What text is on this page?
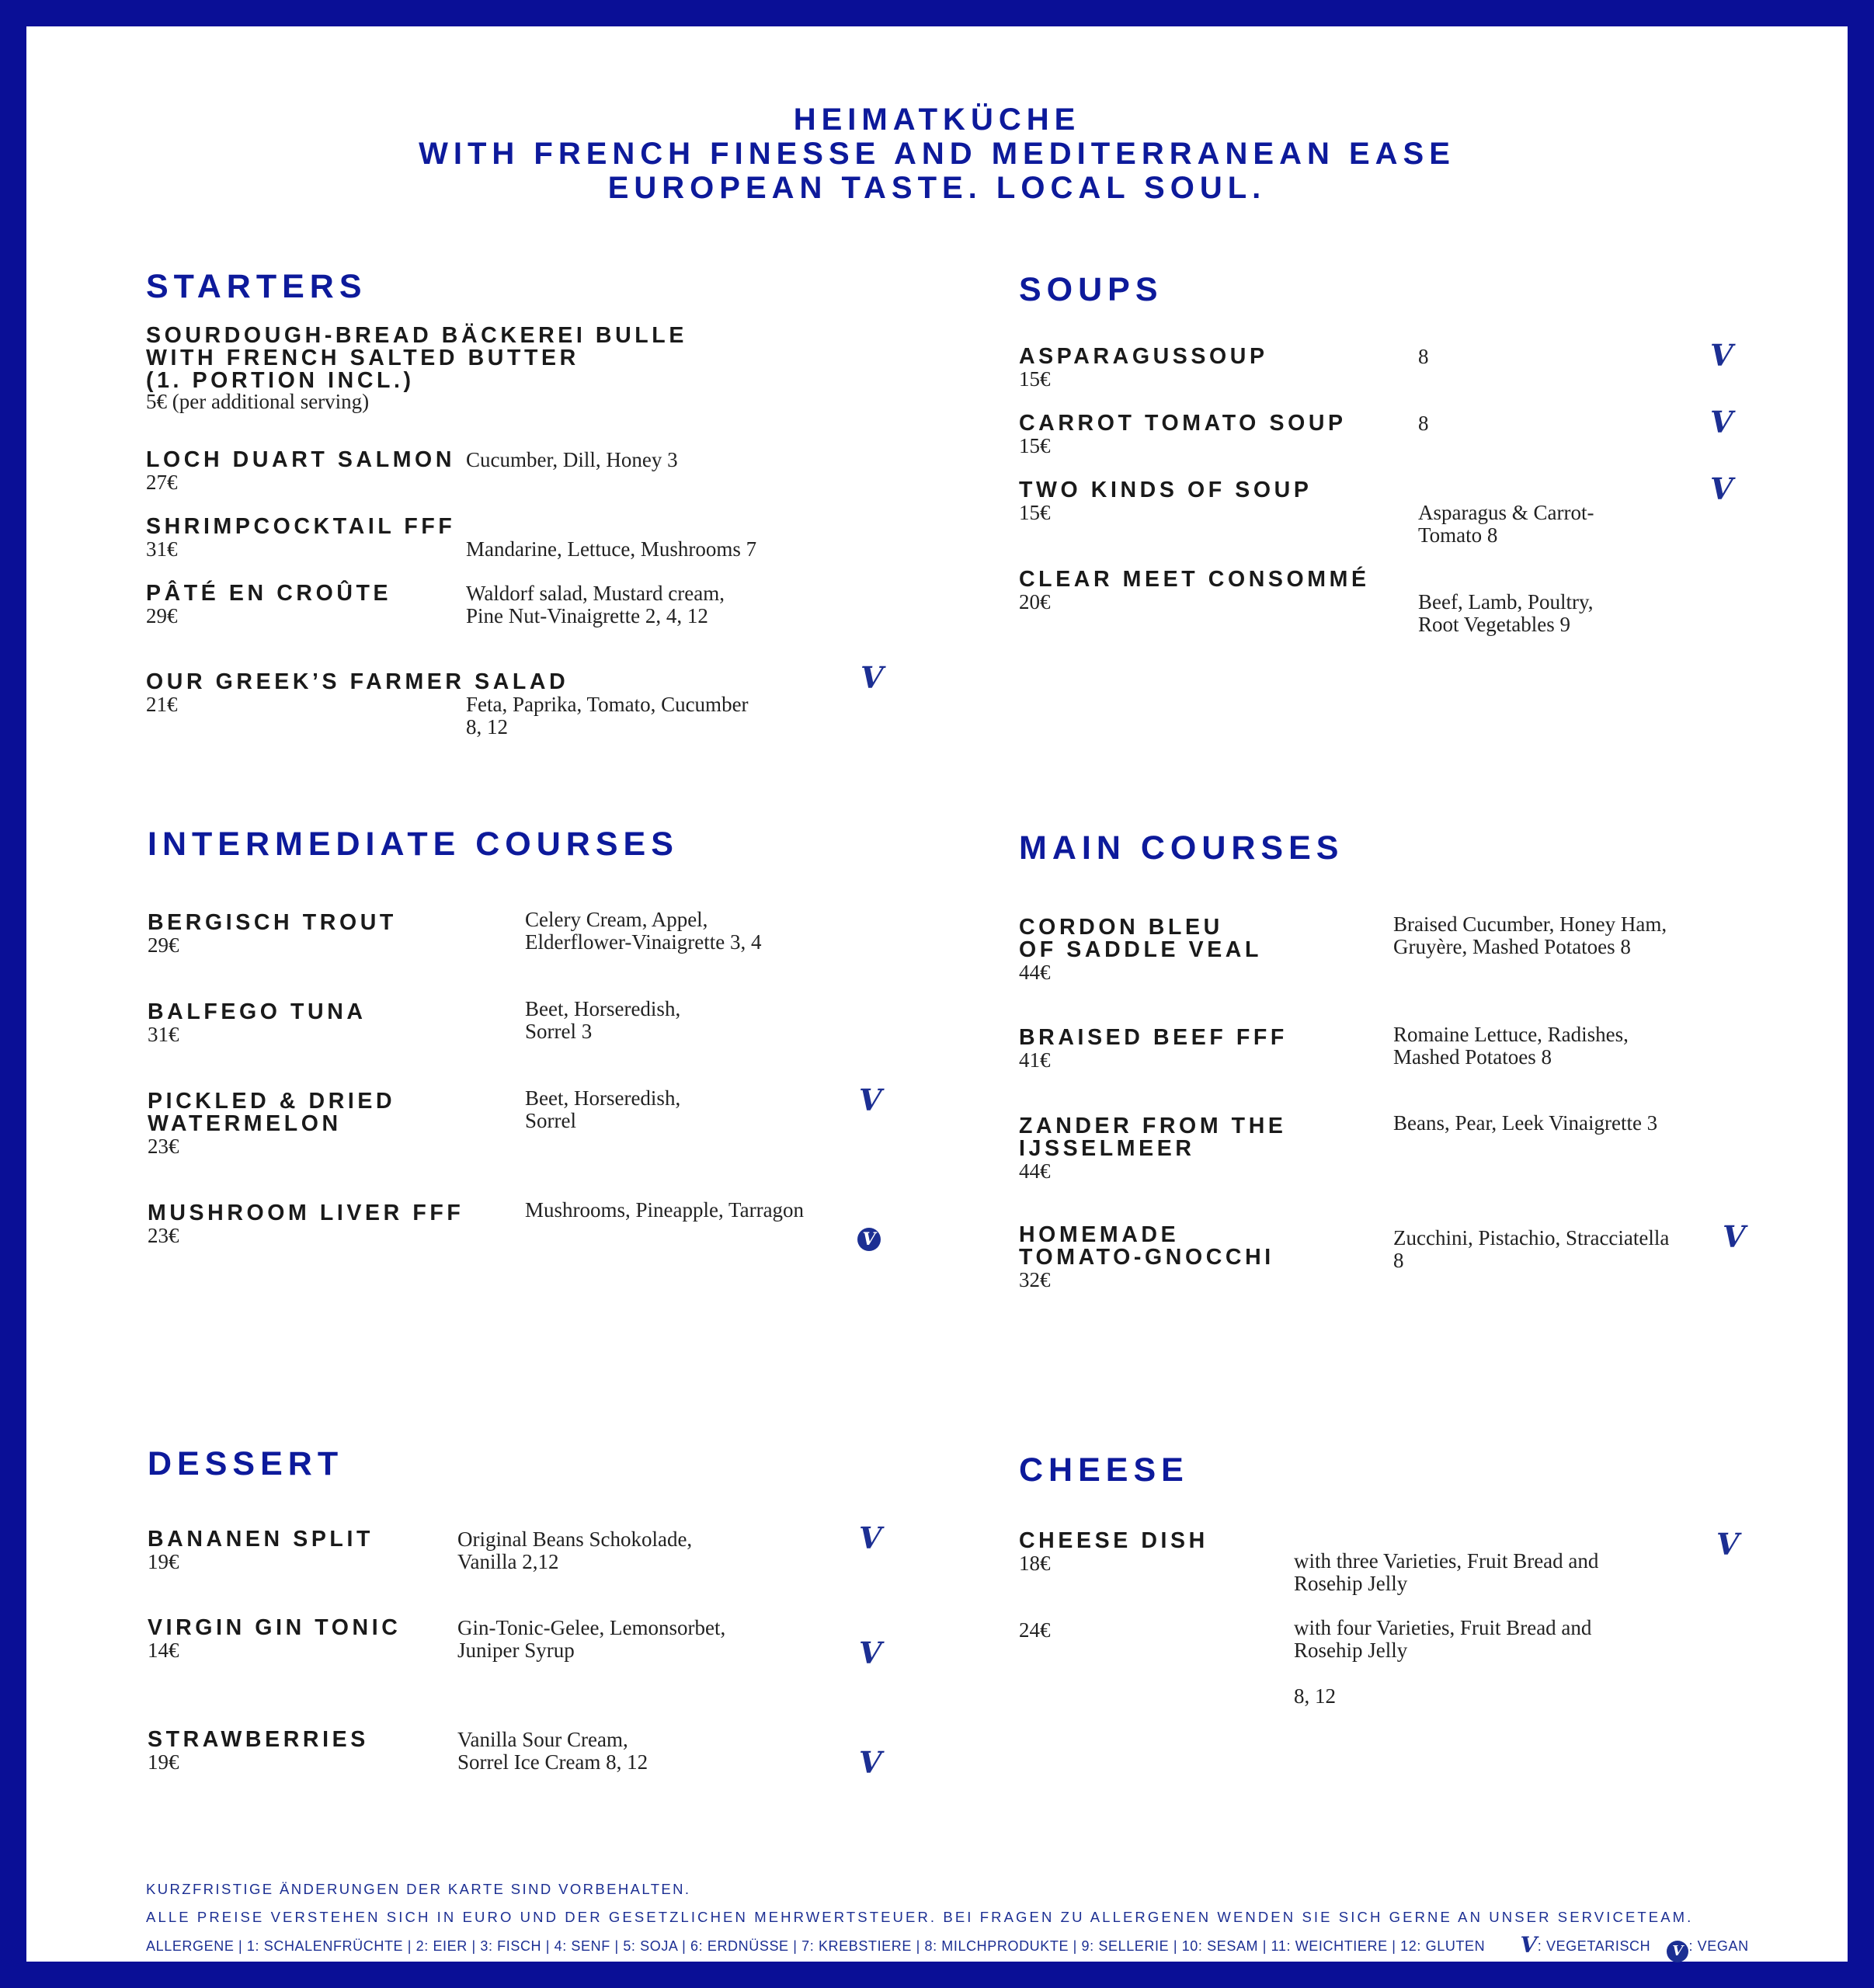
HEIMATKÜCHE
WITH FRENCH FINESSE AND MEDITERRANEAN EASE
EUROPEAN TASTE. LOCAL SOUL.
STARTERS
SOURDOUGH-BREAD BÄCKEREI BULLE
WITH FRENCH SALTED BUTTER
(1. PORTION INCL.)
5€ (per additional serving)
LOCH DUART SALMON
27€
Cucumber, Dill, Honey 3
SHRIMPCOCKTAIL FFF
31€	Mandarine, Lettuce, Mushrooms 7
PÂTÉ EN CROÛTE
29€
Waldorf salad, Mustard cream,
Pine Nut-Vinaigrette 2, 4, 12
OUR GREEK’S FARMER SALAD
21€	Feta, Paprika, Tomato, Cucumber
8, 12
V
SOUPS
ASPARAGUSSOUP
15€
8	V
CARROT TOMATO SOUP
15€
8	V
TWO KINDS OF SOUP
15€	Asparagus & Carrot-
Tomato 8
V
CLEAR MEET CONSOMMÉ
20€	Beef, Lamb, Poultry,
Root Vegetables 9
INTERMEDIATE COURSES
BERGISCH TROUT
29€
Celery Cream, Appel,
Elderflower-Vinaigrette 3, 4
BALFEGO TUNA
31€
Beet, Horseredish,
Sorrel 3
PICKLED & DRIED
WATERMELON
23€
Beet, Horseredish,
Sorrel
V
MUSHROOM LIVER FFF
23€
Mushrooms, Pineapple, Tarragon
V
MAIN COURSES
CORDON BLEU
OF SADDLE VEAL
44€
Braised Cucumber, Honey Ham,
Gruyère, Mashed Potatoes 8
BRAISED BEEF FFF
41€
Romaine Lettuce, Radishes,
Mashed Potatoes 8
ZANDER FROM THE
IJSSELMEER
44€
Beans, Pear, Leek Vinaigrette 3
HOMEMADE
TOMATO-GNOCCHI
32€
Zucchini, Pistachio, Stracciatella
8
V
DESSERT
BANANEN SPLIT
19€
Original Beans Schokolade,
Vanilla 2,12
V
VIRGIN GIN TONIC
14€
Gin-Tonic-Gelee, Lemonsorbet,
Juniper Syrup	V
STRAWBERRIES
19€
Vanilla Sour Cream,
Sorrel Ice Cream 8, 12	V
CHEESE
CHEESE DISH
18€	with three Varieties, Fruit Bread and
Rosehip Jelly
V
24€	with four Varieties, Fruit Bread and
Rosehip Jelly
8, 12
KURZFRISTIGE ÄNDERUNGEN DER KARTE SIND VORBEHALTEN.
ALLE PREISE VERSTEHEN SICH IN EURO UND DER GESETZLICHEN MEHRWERTSTEUER. BEI FRAGEN ZU ALLERGENEN WENDEN SIE SICH GERNE AN UNSER SERVICETEAM.
ALLERGENE | 1: SCHALENFRÜCHTE | 2: EIER | 3: FISCH | 4: SENF | 5: SOJA | 6: ERDNÜSSE | 7: KREBSTIERE | 8: MILCHPRODUKTE | 9: SELLERIE | 10: SESAM | 11: WEICHTIERE | 12: GLUTEN V: VEGETARISCH V : VEGAN
